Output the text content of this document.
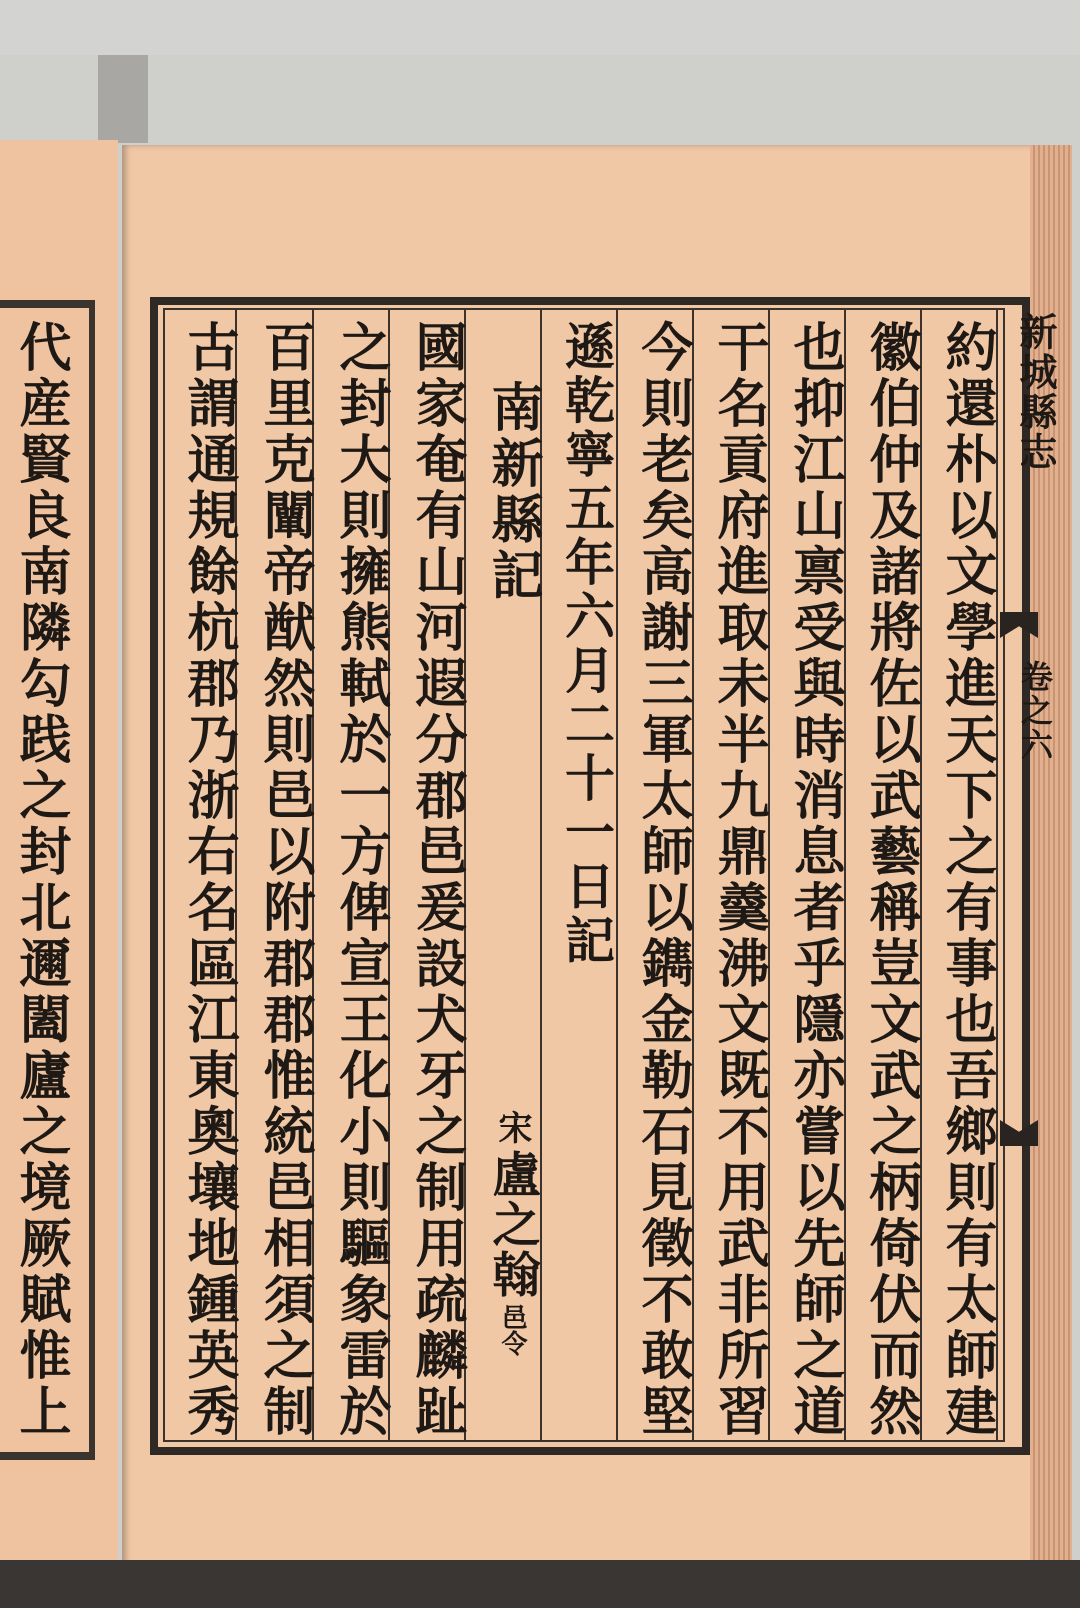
代産賢良南隣勾践之封北邇闔廬之境厥賦惟上	新城縣志
卷之六
約還朴以文學進天下之有事也吾鄉則有太師建
徽伯仲及諸將佐以武藝稱豈文武之柄倚伏而然
也抑江山禀受與時消息者乎隱亦嘗以先師之道
干名貢府進取未半九鼎羹沸文既不用武非所習
今則老矣高謝三軍太師以鐫金勒石見徵不敢堅
遜乾寧五年六月二十一日記
南新縣記
宋 盧之翰 邑令
國家奄有山河遐分郡邑爰設犬牙之制用疏麟趾
之封大則擁熊軾於一方俾宣王化小則驅象雷於
百里克闡帝猷然則邑以附郡郡惟統邑相須之制
古謂通規餘杭郡乃浙右名區江東奧壤地鍾英秀
